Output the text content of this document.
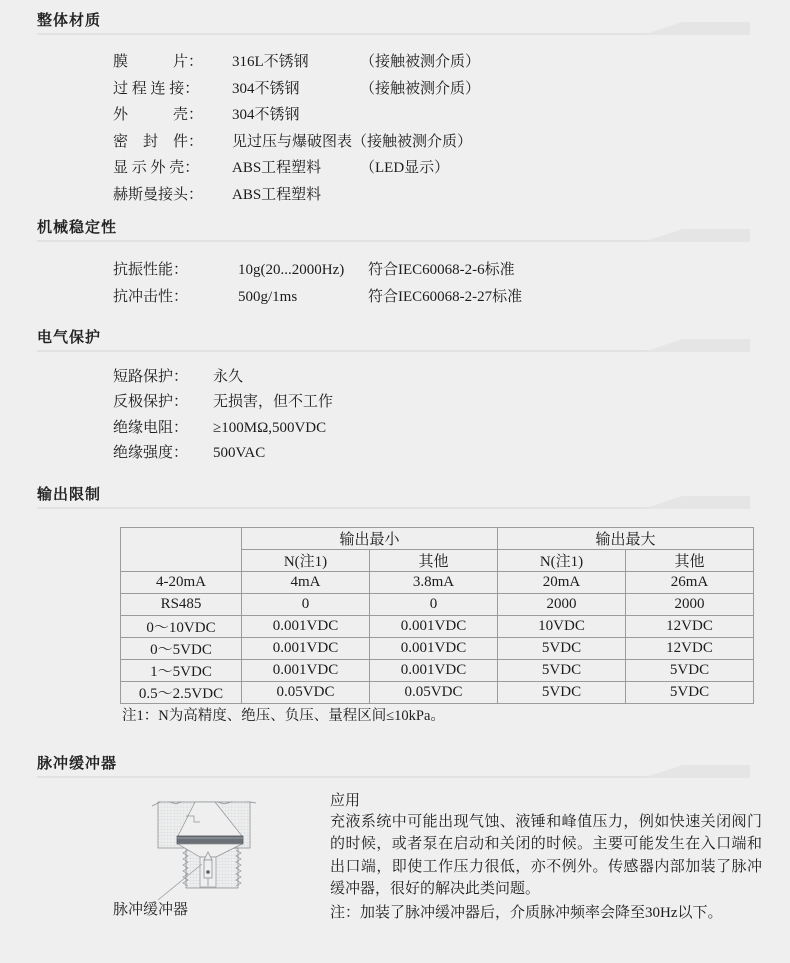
整体材质
膜　　　片： 316L不锈钢	（接触被测介质）
过 程 连 接： 304不锈钢	（接触被测介质）
外　　　壳： 304不锈钢
密　封　件： 见过压与爆破图表（接触被测介质）
显 示 外 壳： ABS工程塑料	（LED显示）
赫斯曼接头： ABS工程塑料
机械稳定性
抗振性能：	10g(20...2000Hz) 符合IEC60068-2-6标准
抗冲击性：	500g/1ms	符合IEC60068-2-27标准
电气保护
短路保护： 永久
反极保护： 无损害，但不工作
绝缘电阻： ≥100MΩ,500VDC
绝缘强度： 500VAC
输出限制
	输出最小		输出最大	
	N(注1)	其他	N(注1)	其他
4-20mA	4mA	3.8mA	20mA	26mA
RS485	0	0	2000	2000
0～10VDC	0.001VDC	0.001VDC	10VDC	12VDC
0～5VDC	0.001VDC	0.001VDC	5VDC	12VDC
1～5VDC	0.001VDC	0.001VDC	5VDC	5VDC
0.5～2.5VDC	0.05VDC	0.05VDC	5VDC	5VDC
注1：N为高精度、绝压、负压、量程区间≤10kPa。
脉冲缓冲器
脉冲缓冲器
应用
充液系统中可能出现气蚀、液锤和峰值压力，例如快速关闭阀门的时候，或者泵在启动和关闭的时候。主要可能发生在入口端和出口端，即使工作压力很低，亦不例外。传感器内部加装了脉冲缓冲器，很好的解决此类问题。
注：加装了脉冲缓冲器后，介质脉冲频率会降至30Hz以下。
